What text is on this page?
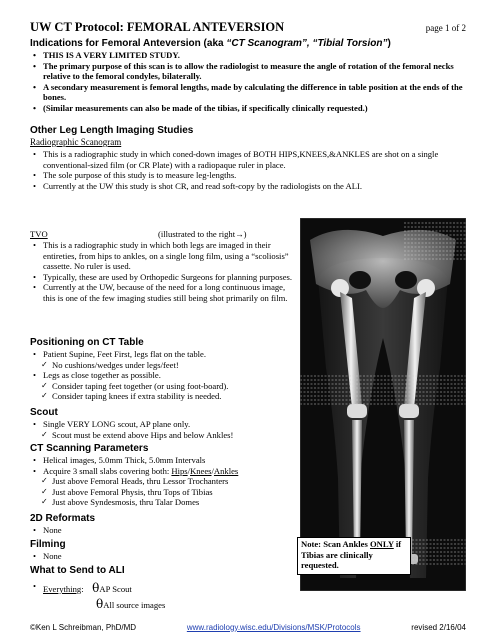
UW CT Protocol: FEMORAL ANTEVERSION	page 1 of 2
Indications for Femoral Anteversion (aka “CT Scanogram”, “Tibial Torsion”)
• THIS IS A VERY LIMITED STUDY.
• The primary purpose of this scan is to allow the radiologist to measure the angle of rotation of the femoral necks relative to the femoral condyles, bilaterally.
• A secondary measurement is femoral lengths, made by calculating the difference in table position at the ends of the bones.
• (Similar measurements can also be made of the tibias, if specifically clinically requested.)
Other Leg Length Imaging Studies
Radiographic Scanogram
• This is a radiographic study in which coned-down images of BOTH HIPS,KNEES,&ANKLES are shot on a single conventional-sized film (or CR Plate) with a radiopaque ruler in place.
• The sole purpose of this study is to measure leg-lengths.
• Currently at the UW this study is shot CR, and read soft-copy by the radiologists on the ALI.
TVO	(illustrated to the right→)
• This is a radiographic study in which both legs are imaged in their entireties, from hips to ankles, on a single long film, using a “scoliosis” cassette. No ruler is used.
• Typically, these are used by Orthopedic Surgeons for planning purposes.
• Currently at the UW, because of the need for a long continuous image, this is one of the few imaging studies still being shot primarily on film.
Positioning on CT Table
• Patient Supine, Feet First, legs flat on the table.
✓ No cushions/wedges under legs/feet!
• Legs as close together as possible.
✓ Consider taping feet together (or using foot-board).
✓ Consider taping knees if extra stability is needed.
Scout
• Single VERY LONG scout, AP plane only.
✓ Scout must be extend above Hips and below Ankles!
CT Scanning Parameters
• Helical images, 5.0mm Thick, 5.0mm Intervals
• Acquire 3 small slabs covering both: Hips/Knees/Ankles
✓ Just above Femoral Heads, thru Lessor Trochanters
✓ Just above Femoral Physis, thru Tops of Tibias
✓ Just above Syndesmosis, thru Talar Domes
2D Reformats
• None
Filming
• None
What to Send to ALI
• Everything:    θAP Scout
θAll source images
Note: Scan Ankles ONLY if Tibias are clinically requested.
©Ken L Schreibman, PhD/MD	www.radiology.wisc.edu/Divisions/MSK/Protocols	revised 2/16/04
